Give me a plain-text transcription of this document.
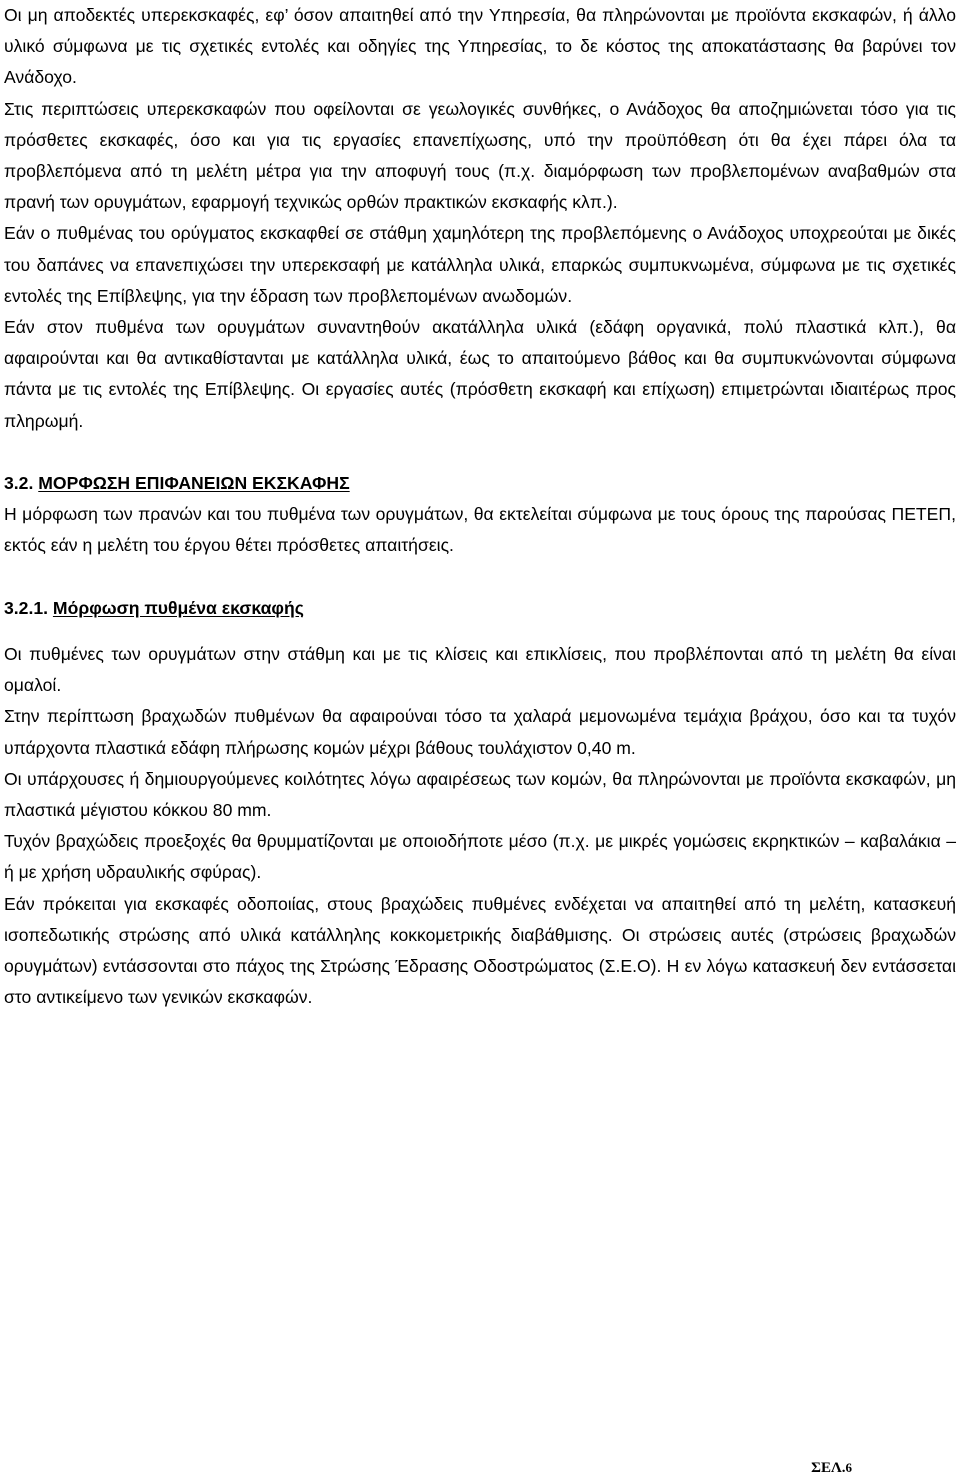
Οι μη αποδεκτές υπερεκσκαφές, εφ’ όσον απαιτηθεί από την Υπηρεσία, θα πληρώνονται με προϊόντα εκσκαφών, ή άλλο υλικό σύμφωνα με τις σχετικές εντολές και οδηγίες της Υπηρεσίας, το δε κόστος της αποκατάστασης θα βαρύνει τον Ανάδοχο.

Στις περιπτώσεις υπερεκσκαφών που οφείλονται σε γεωλογικές συνθήκες, ο Ανάδοχος θα αποζημιώνεται τόσο για τις πρόσθετες εκσκαφές, όσο και για τις εργασίες επανεπίχωσης, υπό την προϋπόθεση ότι θα έχει πάρει όλα τα προβλεπόμενα από τη μελέτη μέτρα για την αποφυγή τους (π.χ. διαμόρφωση των προβλεπομένων αναβαθμών στα πρανή των ορυγμάτων, εφαρμογή τεχνικώς ορθών πρακτικών εκσκαφής κλπ.).

Εάν ο πυθμένας του ορύγματος εκσκαφθεί σε στάθμη χαμηλότερη της προβλεπόμενης ο Ανάδοχος υποχρεούται με δικές του δαπάνες να επανεπιχώσει την υπερεκσαφή με κατάλληλα υλικά, επαρκώς συμπυκνωμένα, σύμφωνα με τις σχετικές εντολές της Επίβλεψης, για την έδραση των προβλεπομένων ανωδομών.

Εάν στον πυθμένα των ορυγμάτων συναντηθούν ακατάλληλα υλικά (εδάφη οργανικά, πολύ πλαστικά κλπ.), θα αφαιρούνται και θα αντικαθίστανται με κατάλληλα υλικά, έως το απαιτούμενο βάθος και θα συμπυκνώνονται σύμφωνα πάντα με τις εντολές της Επίβλεψης. Οι εργασίες αυτές (πρόσθετη εκσκαφή και επίχωση) επιμετρώνται ιδιαιτέρως προς πληρωμή.

3.2. ΜΟΡΦΩΣΗ ΕΠΙΦΑΝΕΙΩΝ ΕΚΣΚΑΦΗΣ

Η μόρφωση των πρανών και του πυθμένα των ορυγμάτων, θα εκτελείται σύμφωνα με τους όρους της παρούσας ΠΕΤΕΠ, εκτός εάν η μελέτη του έργου θέτει πρόσθετες απαιτήσεις.

3.2.1. Μόρφωση πυθμένα εκσκαφής

Οι πυθμένες των ορυγμάτων στην στάθμη και με τις κλίσεις και επικλίσεις, που προβλέπονται από τη μελέτη θα είναι ομαλοί.

Στην περίπτωση βραχωδών πυθμένων θα αφαιρούναι τόσο τα χαλαρά μεμονωμένα τεμάχια βράχου, όσο και τα τυχόν υπάρχοντα πλαστικά εδάφη πλήρωσης κομών μέχρι βάθους τουλάχιστον 0,40 m.

Οι υπάρχουσες ή δημιουργούμενες κοιλότητες λόγω αφαιρέσεως των κομών, θα πληρώνονται με προϊόντα εκσκαφών, μη πλαστικά μέγιστου κόκκου 80 mm.

Τυχόν βραχώδεις προεξοχές θα θρυμματίζονται με οποιοδήποτε μέσο (π.χ. με μικρές γομώσεις εκρηκτικών – καβαλάκια – ή με χρήση υδραυλικής σφύρας).

Εάν πρόκειται για εκσκαφές οδοποιίας, στους βραχώδεις πυθμένες ενδέχεται να απαιτηθεί από τη μελέτη, κατασκευή ισοπεδωτικής στρώσης από υλικά κατάλληλης κοκκομετρικής διαβάθμισης. Οι στρώσεις αυτές (στρώσεις βραχωδών ορυγμάτων) εντάσσονται στο πάχος της Στρώσης Έδρασης Οδοστρώματος (Σ.Ε.Ο). Η εν λόγω κατασκευή δεν εντάσσεται στο αντικείμενο των γενικών εκσκαφών.

ΣΕΛ.6
